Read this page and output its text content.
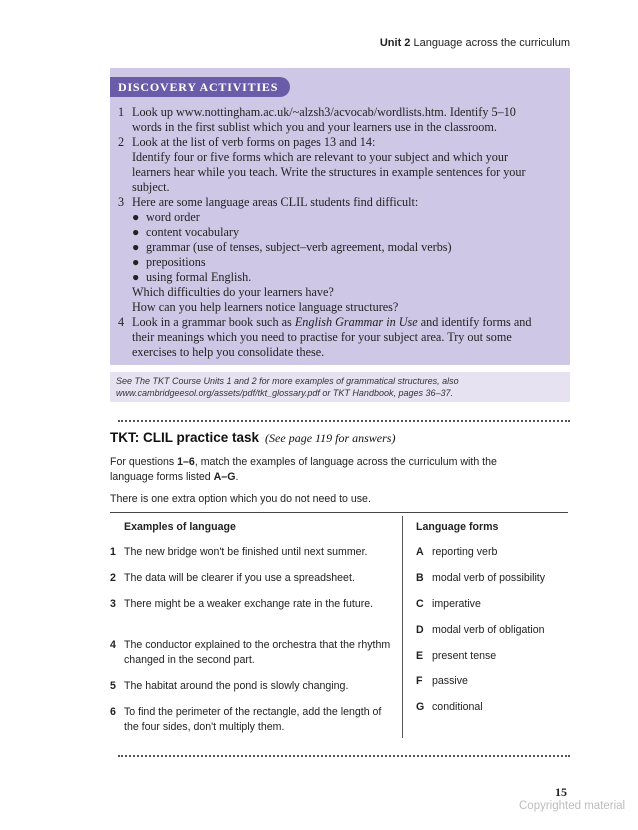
Unit 2 Language across the curriculum
DISCOVERY ACTIVITIES
1 Look up www.nottingham.ac.uk/~alzsh3/acvocab/wordlists.htm. Identify 5–10
words in the first sublist which you and your learners use in the classroom.
2 Look at the list of verb forms on pages 13 and 14:
Identify four or five forms which are relevant to your subject and which your
learners hear while you teach. Write the structures in example sentences for your
subject.
3 Here are some language areas CLIL students find difficult:
● word order
● content vocabulary
● grammar (use of tenses, subject–verb agreement, modal verbs)
● prepositions
● using formal English.
Which difficulties do your learners have?
How can you help learners notice language structures?
4 Look in a grammar book such as English Grammar in Use and identify forms and
their meanings which you need to practise for your subject area. Try out some
exercises to help you consolidate these.
See The TKT Course Units 1 and 2 for more examples of grammatical structures, also
www.cambridgeesol.org/assets/pdf/tkt_glossary.pdf or TKT Handbook, pages 36–37.
TKT: CLIL practice task (See page 119 for answers)
For questions 1–6, match the examples of language across the curriculum with the
language forms listed A–G.
There is one extra option which you do not need to use.
Examples of language	Language forms
1 The new bridge won't be finished until next summer.
2 The data will be clearer if you use a spreadsheet.
3 There might be a weaker exchange rate in the future.
4 The conductor explained to the orchestra that the rhythm changed in the second part.
5 The habitat around the pond is slowly changing.
6 To find the perimeter of the rectangle, add the length of the four sides, don't multiply them.
A reporting verb
B modal verb of possibility
C imperative
D modal verb of obligation
E present tense
F passive
G conditional
15
Copyrighted material
